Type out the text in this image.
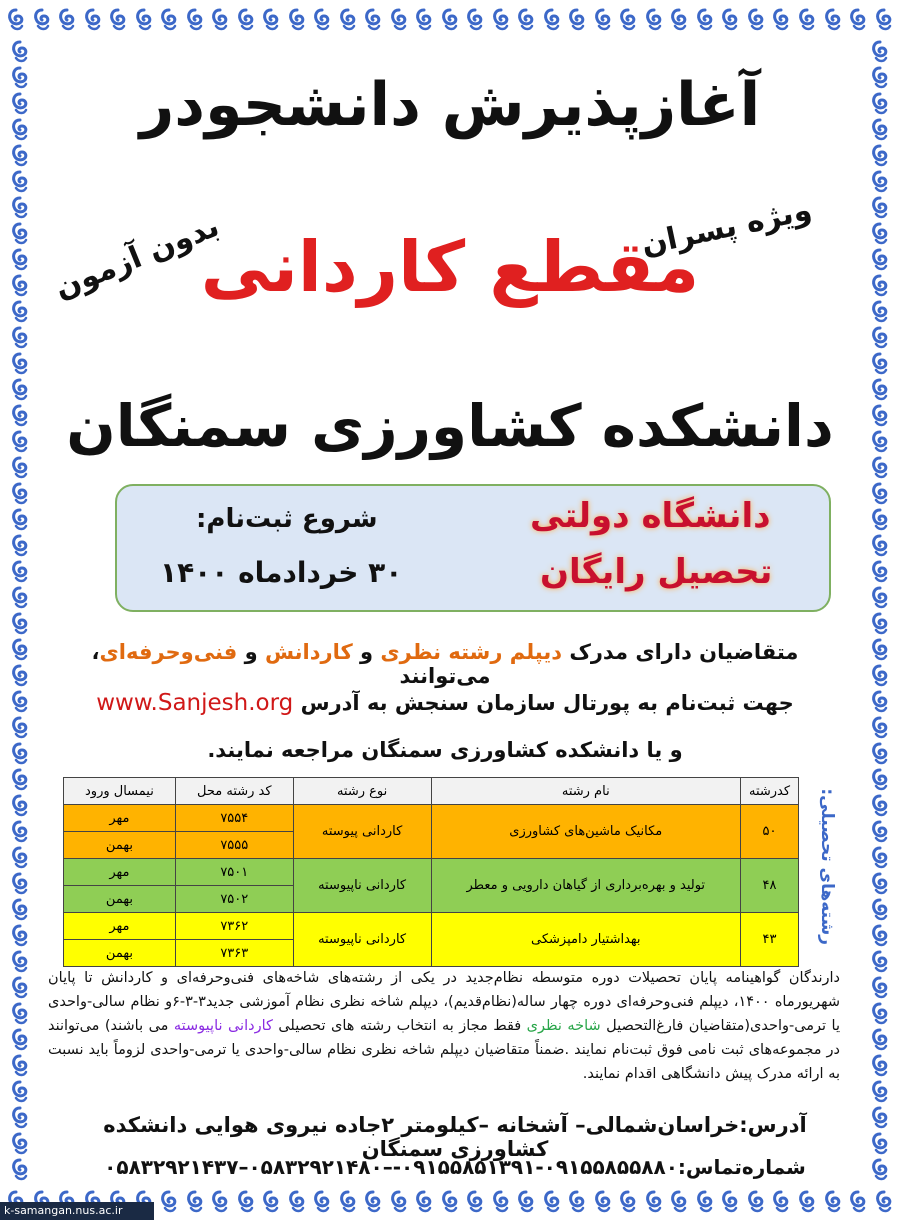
آغازپذیرش دانشجودر
ویژه پسران
مقطع کاردانی
بدون آزمون
دانشکده کشاورزی سمنگان
شروع ثبت‌نام:
۳۰ خردادماه ۱۴۰۰
دانشگاه دولتی
تحصیل رایگان
متقاضیان دارای مدرک دیپلم رشته نظری و کاردانش و فنی‌وحرفه‌ای، می‌توانند
جهت ثبت‌نام به پورتال سازمان سنجش به آدرس www.Sanjesh.org
و یا دانشکده کشاورزی سمنگان مراجعه نمایند.
رشته‌های تحصیلی:
کدرشته	نام رشته	نوع رشته	کد رشته محل	نیمسال ورود
۵۰	مکانیک ماشین‌های کشاورزی	کاردانی پیوسته	۷۵۵۴	مهر
			۷۵۵۵	بهمن
۴۸	تولید و بهره‌برداری از گیاهان دارویی و معطر	کاردانی ناپیوسته	۷۵۰۱	مهر
			۷۵۰۲	بهمن
۴۳	بهداشتیار دامپزشکی	کاردانی ناپیوسته	۷۳۶۲	مهر
			۷۳۶۳	بهمن
دارندگان گواهینامه پایان تحصیلات دوره متوسطه نظام‌جدید در یکی از رشته‌های شاخه‌های فنی‌وحرفه‌ای و کاردانش تا پایان شهریورماه ۱۴۰۰، دیپلم فنی‌وحرفه‌ای دوره چهار ساله(نظام‌قدیم)، دیپلم شاخه نظری نظام آموزشی جدید۳-۳-۶و نظام سالی-واحدی یا ترمی-واحدی(متقاضیان فارغ‌التحصیل شاخه نظری فقط مجاز به انتخاب رشته های تحصیلی کاردانی ناپیوسته می باشند) می‌توانند در مجموعه‌های ثبت نامی فوق ثبت‌نام نمایند .ضمناً متقاضیان دیپلم شاخه نظری نظام سالی-واحدی یا ترمی-واحدی لزوماً باید نسبت به ارائه مدرک پیش دانشگاهی اقدام نمایند.
آدرس:خراسان‌شمالی– آشخانه –کیلومتر ۲جاده نیروی هوایی دانشکده کشاورزی سمنگان
شماره‌تماس:۰۹۱۵۵۸۵۵۸۸۰-۰۹۱۵۵۸۵۱۳۹۱-–۰۵۸۳۲۹۲۱۴۸۰–۰۵۸۳۲۹۲۱۴۳۷
k-samangan.nus.ac.ir
